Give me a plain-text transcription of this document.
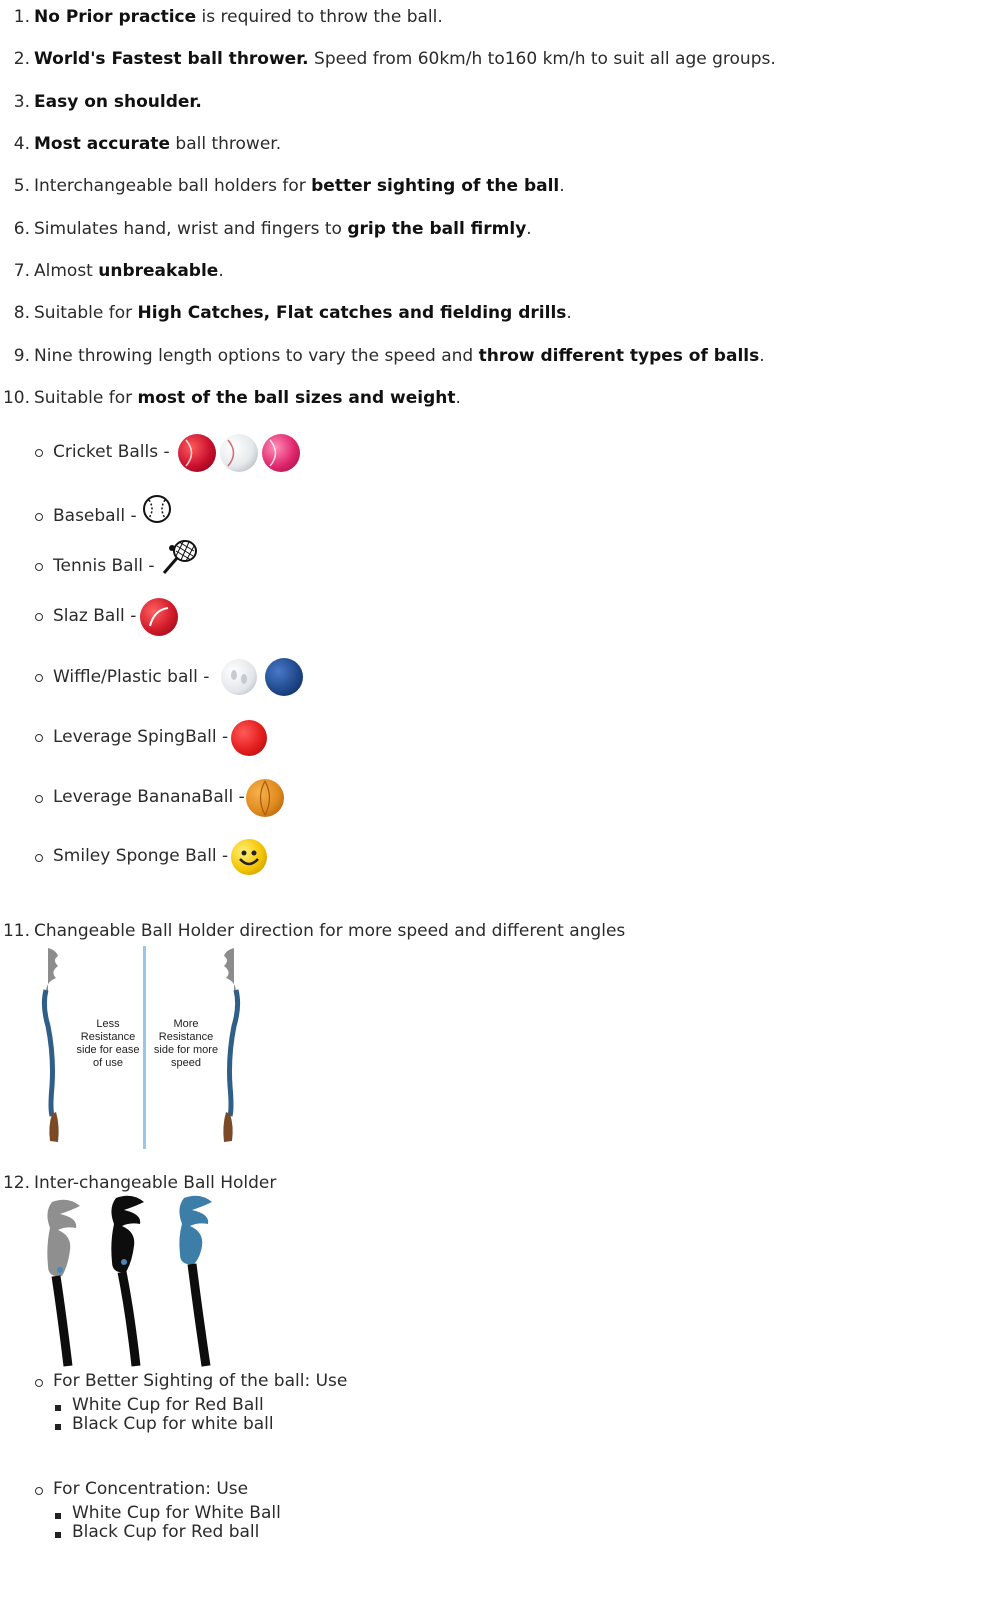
1. No Prior practice is required to throw the ball.
2. World's Fastest ball thrower. Speed from 60km/h to160 km/h to suit all age groups.
3. Easy on shoulder.
4. Most accurate ball thrower.
5. Interchangeable ball holders for better sighting of the ball.
6. Simulates hand, wrist and fingers to grip the ball firmly.
7. Almost unbreakable.
8. Suitable for High Catches, Flat catches and fielding drills.
9. Nine throwing length options to vary the speed and throw different types of balls.
10. Suitable for most of the ball sizes and weight.
Cricket Balls -
Baseball -
Tennis Ball -
Slaz Ball -
Wiffle/Plastic ball -
Leverage SpingBall -
Leverage BananaBall -
Smiley Sponge Ball -
11. Changeable Ball Holder direction for more speed and different angles
Less
Resistance
side for ease
of use
More
Resistance
side for more
speed
12. Inter-changeable Ball Holder
For Better Sighting of the ball: Use
White Cup for Red Ball
Black Cup for white ball
For Concentration: Use
White Cup for White Ball
Black Cup for Red ball
